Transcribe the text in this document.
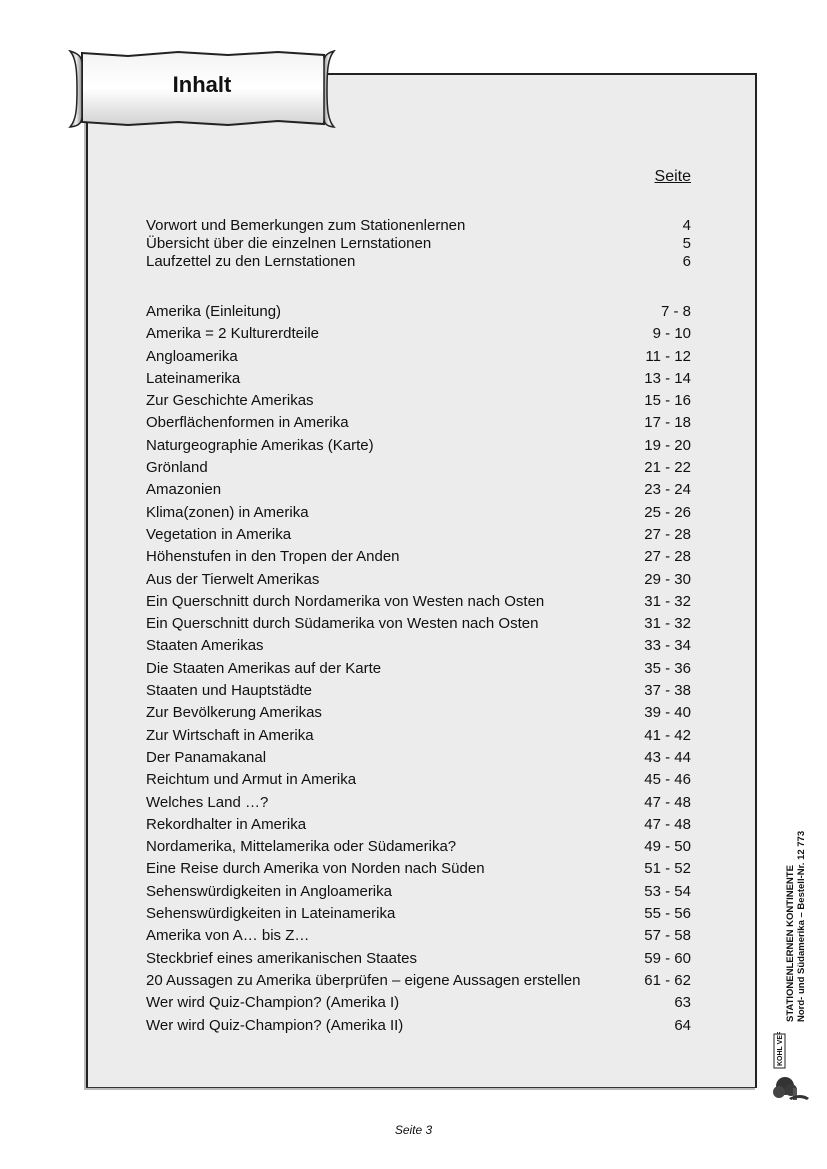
Inhalt
Seite
Vorwort und Bemerkungen zum Stationenlernen	4
Übersicht über die einzelnen Lernstationen	5
Laufzettel zu den Lernstationen	6
Amerika (Einleitung)	7 - 8
Amerika = 2 Kulturerdteile	9 - 10
Angloamerika	11 - 12
Lateinamerika	13 - 14
Zur Geschichte Amerikas	15 - 16
Oberflächenformen in Amerika	17 - 18
Naturgeographie Amerikas (Karte)	19 - 20
Grönland	21 - 22
Amazonien	23 - 24
Klima(zonen) in Amerika	25 - 26
Vegetation in Amerika	27 - 28
Höhenstufen in den Tropen der Anden	27 - 28
Aus der Tierwelt Amerikas	29 - 30
Ein Querschnitt durch Nordamerika von Westen nach Osten	31 - 32
Ein Querschnitt durch Südamerika von Westen nach Osten	31 - 32
Staaten Amerikas	33 - 34
Die Staaten Amerikas auf der Karte	35 - 36
Staaten und Hauptstädte	37 - 38
Zur Bevölkerung Amerikas	39 - 40
Zur Wirtschaft in Amerika	41 - 42
Der Panamakanal	43 - 44
Reichtum und Armut in Amerika	45 - 46
Welches Land …?	47 - 48
Rekordhalter in Amerika	47 - 48
Nordamerika, Mittelamerika oder Südamerika?	49 - 50
Eine Reise durch Amerika von Norden nach Süden	51 - 52
Sehenswürdigkeiten in Angloamerika	53 - 54
Sehenswürdigkeiten in Lateinamerika	55 - 56
Amerika von A… bis Z…	57 - 58
Steckbrief eines amerikanischen Staates	59 - 60
20 Aussagen zu Amerika überprüfen – eigene Aussagen erstellen	61 - 62
Wer wird Quiz-Champion? (Amerika I)	63
Wer wird Quiz-Champion? (Amerika II)	64
STATIONENLERNEN KONTINENTE Nord- und Südamerika – Bestell-Nr. 12 773
KOHL VERLAG
Seite 3
